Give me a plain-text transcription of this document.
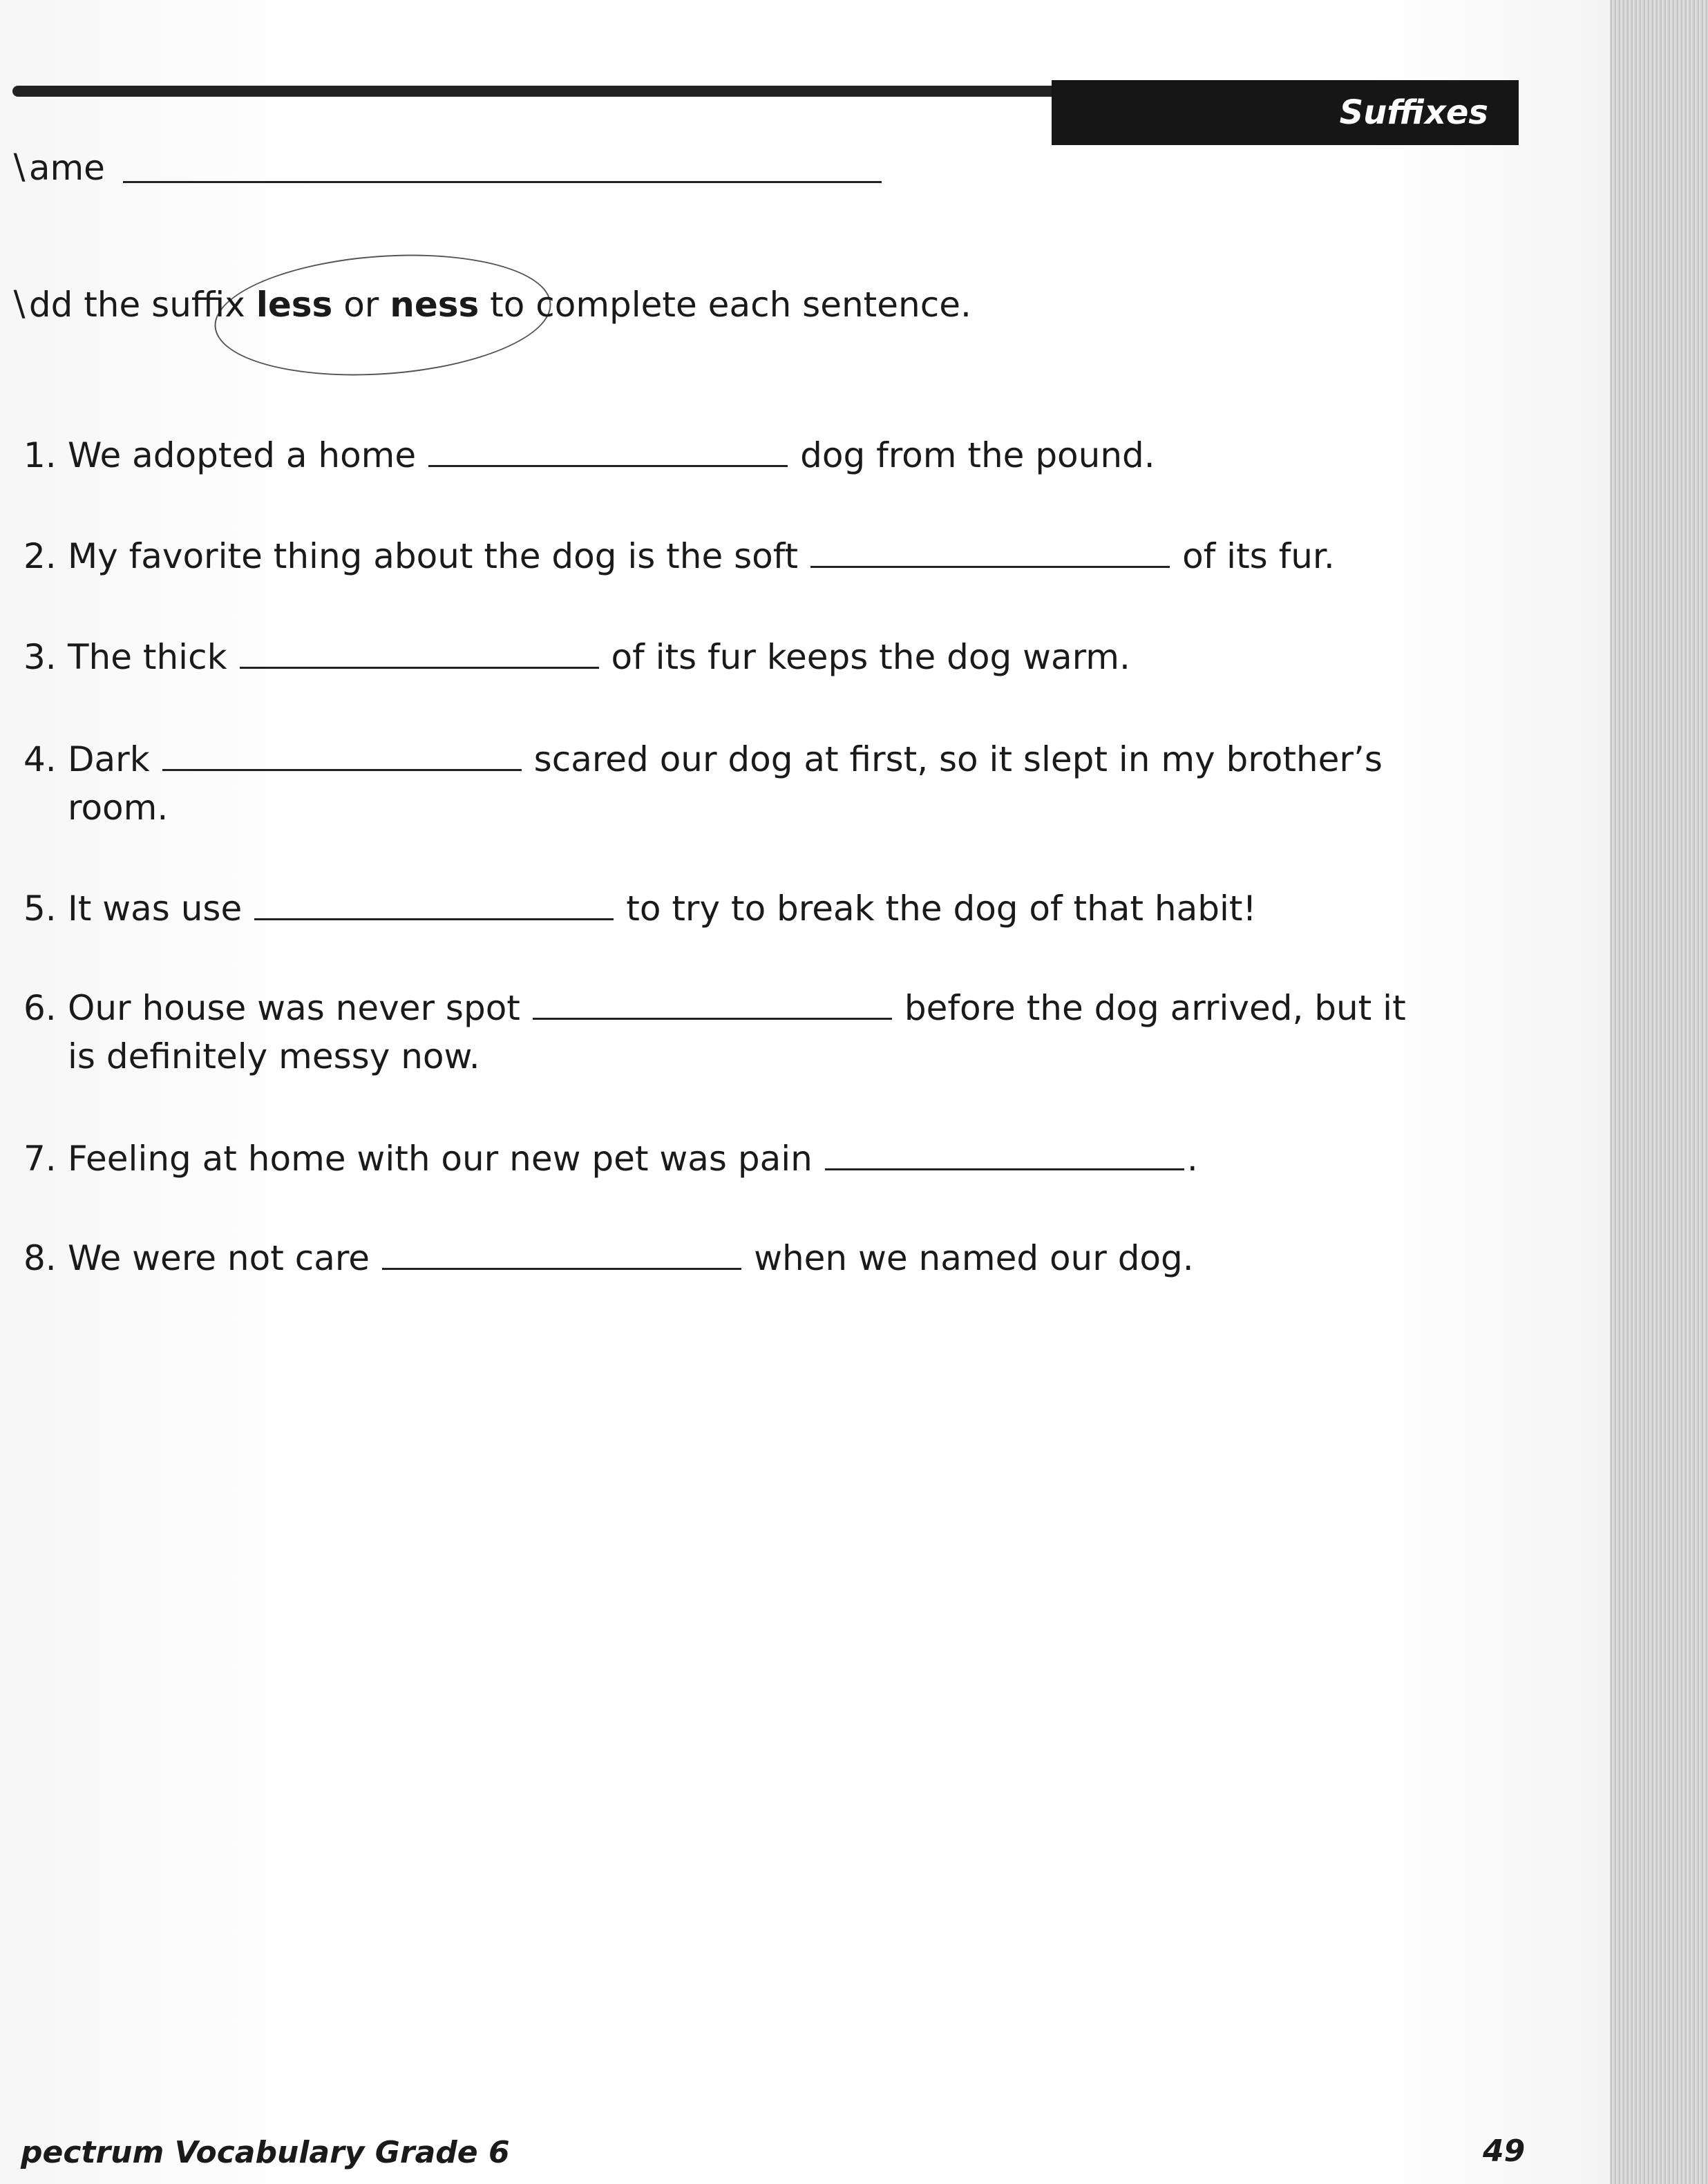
Suffixes
∖ame
∖dd the suffix less or ness to complete each sentence.
1. We adopted a home	dog from the pound.
2. My favorite thing about the dog is the soft	of its fur.
3. The thick	of its fur keeps the dog warm.
4. Dark	scared our dog at first, so it slept in my brother’s
room.
5. It was use	to try to break the dog of that habit!
6. Our house was never spot	before the dog arrived, but it
is definitely messy now.
7. Feeling at home with our new pet was pain	.
8. We were not care	when we named our dog.
pectrum Vocabulary Grade 6	49
